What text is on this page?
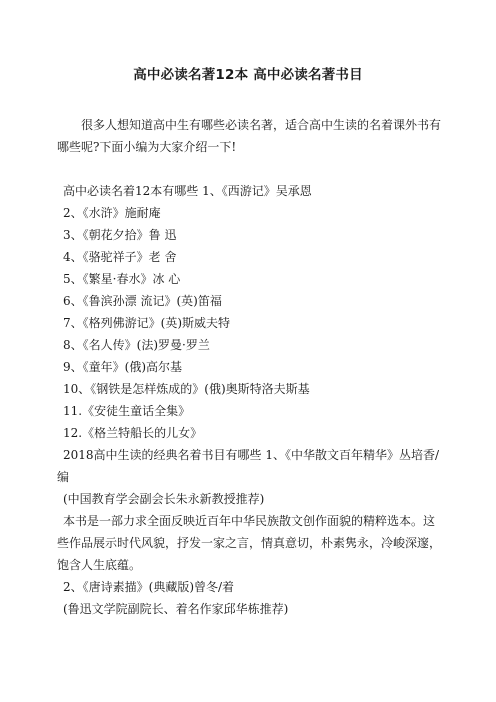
高中必读名著12本 高中必读名著书目

很多人想知道高中生有哪些必读名著，适合高中生读的名着课外书有哪些呢?下面小编为大家介绍一下!

高中必读名着12本有哪些 1、《西游记》吴承恩

2、《水浒》施耐庵

3、《朝花夕拾》鲁 迅

4、《骆驼祥子》老 舍

5、《繁星·春水》冰 心

6、《鲁滨孙漂 流记》(英)笛福

7、《格列佛游记》(英)斯威夫特

8、《名人传》(法)罗曼·罗兰

9、《童年》(俄)高尔基

10、《钢铁是怎样炼成的》(俄)奥斯特洛夫斯基

11.《安徒生童话全集》

12.《格兰特船长的儿女》

2018高中生读的经典名着书目有哪些 1、《中华散文百年精华》丛培香/编

(中国教育学会副会长朱永新教授推荐)

本书是一部力求全面反映近百年中华民族散文创作面貌的精粹选本。这些作品展示时代风貌，抒发一家之言，情真意切，朴素隽永，冷峻深邃，饱含人生底蕴。

2、《唐诗素描》(典藏版)曾冬/着

(鲁迅文学院副院长、着名作家邱华栋推荐)
